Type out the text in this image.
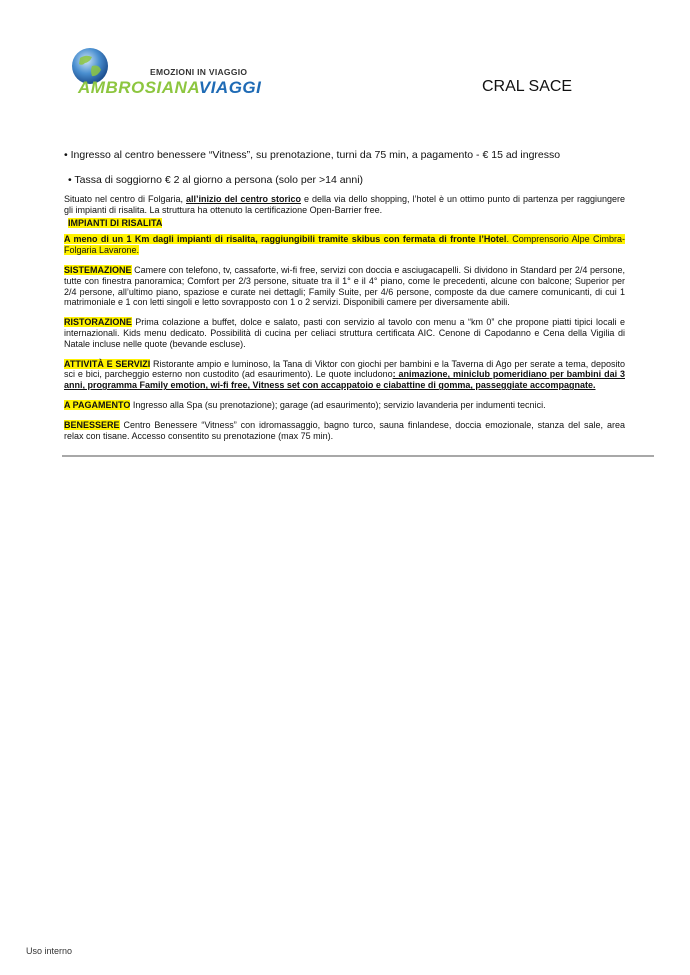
EMOZIONI IN VIAGGIO
AMBROSIANAVIAGGI	CRAL SACE

• Ingresso al centro benessere “Vitness”, su prenotazione, turni da 75 min, a pagamento - € 15 ad ingresso

• Tassa di soggiorno € 2 al giorno a persona (solo per >14 anni)

Situato nel centro di Folgaria, all’inizio del centro storico e della via dello shopping, l’hotel è un ottimo punto di partenza per raggiungere gli impianti di risalita. La struttura ha ottenuto la certificazione Open-Barrier free.

IMPIANTI DI RISALITA

A meno di un 1 Km dagli impianti di risalita, raggiungibili tramite skibus con fermata di fronte l’Hotel. Comprensorio Alpe Cimbra-Folgaria Lavarone.

SISTEMAZIONE Camere con telefono, tv, cassaforte, wi-fi free, servizi con doccia e asciugacapelli. Si dividono in Standard per 2/4 persone, tutte con finestra panoramica; Comfort per 2/3 persone, situate tra il 1° e il 4° piano, come le precedenti, alcune con balcone; Superior per 2/4 persone, all’ultimo piano, spaziose e curate nei dettagli; Family Suite, per 4/6 persone, composte da due camere comunicanti, di cui 1 matrimoniale e 1 con letti singoli e letto sovrapposto con 1 o 2 servizi. Disponibili camere per diversamente abili.

RISTORAZIONE Prima colazione a buffet, dolce e salato, pasti con servizio al tavolo con menu a “km 0” che propone piatti tipici locali e internazionali. Kids menu dedicato. Possibilità di cucina per celiaci struttura certificata AIC. Cenone di Capodanno e Cena della Vigilia di Natale incluse nelle quote (bevande escluse).

ATTIVITÀ E SERVIZI Ristorante ampio e luminoso, la Tana di Viktor con giochi per bambini e la Taverna di Ago per serate a tema, deposito sci e bici, parcheggio esterno non custodito (ad esaurimento). Le quote includono: animazione, miniclub pomeridiano per bambini dai 3 anni, programma Family emotion, wi-fi free, Vitness set con accappatoio e ciabattine di gomma, passeggiate accompagnate.

A PAGAMENTO Ingresso alla Spa (su prenotazione); garage (ad esaurimento); servizio lavanderia per indumenti tecnici.

BENESSERE Centro Benessere “Vitness” con idromassaggio, bagno turco, sauna finlandese, doccia emozionale, stanza del sale, area relax con tisane. Accesso consentito su prenotazione (max 75 min).

Uso interno
